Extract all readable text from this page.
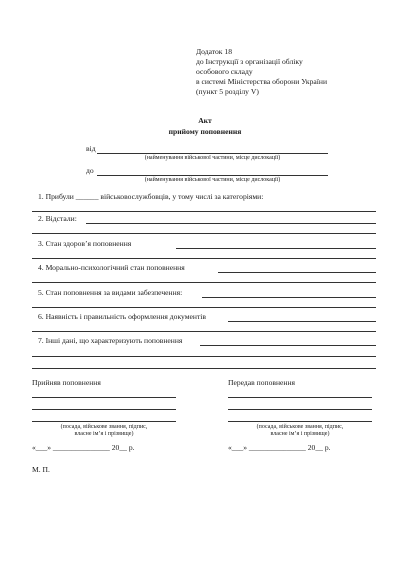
Додаток 18
до Інструкції з організації обліку
особового складу
в системі Міністерства оборони України
(пункт 5 розділу V)
Акт
прийому поповнення
від
(найменування військової частини, місце дислокації)
до
(найменування військової частини, місце дислокації)
1. Прибули ______ військовослужбовців, у тому числі за категоріями:
2. Відстали:
3. Стан здоров’я поповнення
4. Морально-психологічний стан поповнення
5. Стан поповнення за видами забезпечення:
6. Наявність і правильність оформлення документів
7. Інші дані, що характеризують поповнення
Прийняв поповнення
(посада, військове звання, підпис,
власне ім’я і прізвище)
«___» _______________ 20__ р.
Передав поповнення
(посада, військове звання, підпис,
власне ім’я і прізвище)
«___» _______________ 20__ р.
М. П.
